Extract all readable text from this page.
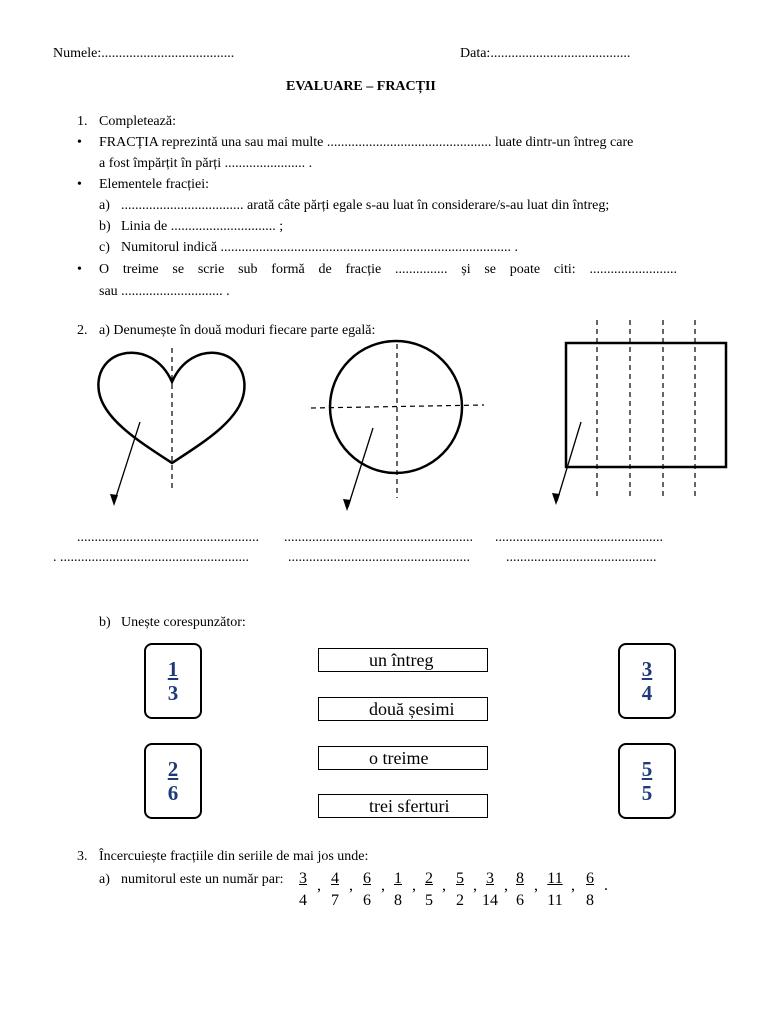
Numele:......................................	Data:........................................
EVALUARE – FRACȚII
1. Completează:
• FRACȚIA reprezintă una sau mai multe ............................................... luate dintr-un întreg care
a fost împărțit în părți ....................... .
• Elementele fracției:
a) ................................... arată câte părți egale s-au luat în considerare/s-au luat din întreg;
b) Linia de .............................. ;
c) Numitorul indică ................................................................................... .
• O treime se scrie sub formă de fracție ............... și se poate citi: .........................
sau ............................. .
2. a) Denumește în două moduri fiecare parte egală:
.................................................... ...................................................... ................................................
. ......................................................	....................................................	...........................................
b) Unește corespunzător:
$\frac{1}{3}$
$\frac{2}{6}$
$\frac{3}{4}$
$\frac{5}{5}$
un întreg
două șesimi
o treime
trei sferturi
3. Încercuiește fracțiile din seriile de mai jos unde:
a) numitorul este un număr par: 3
4
, 4
7
, 6
6
, 1
8
, 2
5
, 5
2
, 3
14
, 8
6
, 11
11
, 6
8
.
